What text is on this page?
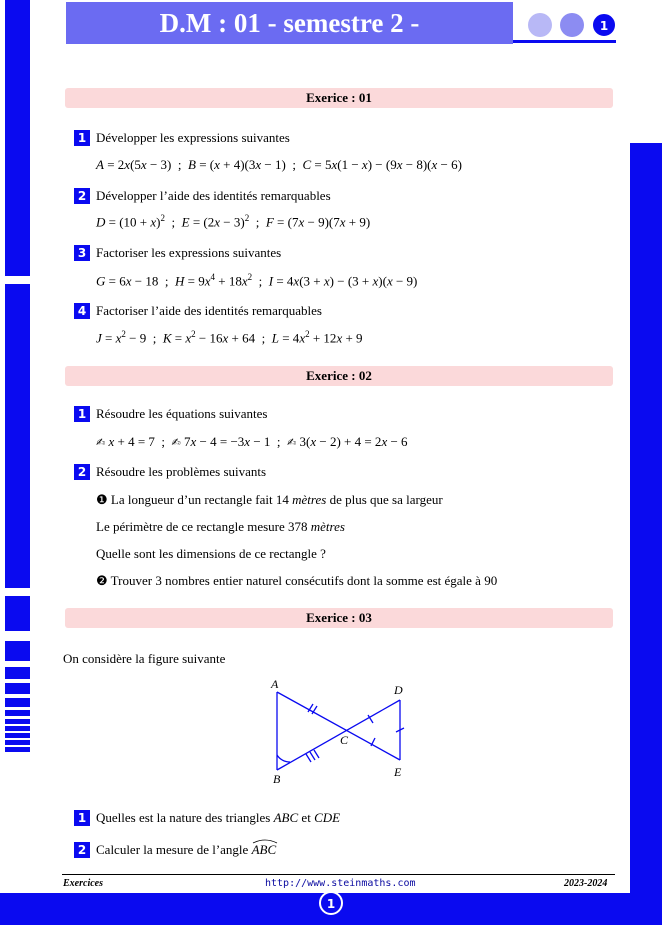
D.M : 01 - semestre 2 -	1
Exerice : 01
1 Développer les expressions suivantes
A = 2x(5x − 3)  ;  B = (x + 4)(3x − 1)  ;  C = 5x(1 − x) − (9x − 8)(x − 6)
2 Développer l’aide des identités remarquables
$D = (10 + x)^2$  ;  $E = (2x - 3)^2$  ;  F = (7x − 9)(7x + 9)
3 Factoriser les expressions suivantes
G = 6x − 18  ;  $H = 9x^4 + 18x^2$  ;  I = 4x(3 + x) − (3 + x)(x − 9)
4 Factoriser l’aide des identités remarquables
$J = x^2 - 9$  ;  $K = x^2 - 16x + 64$  ;  $L = 4x^2 + 12x + 9$
Exerice : 02
1 Résoudre les équations suivantes
✍ x + 4 = 7  ;  ✍ 7x − 4 = −3x − 1  ;  ✍ 3(x − 2) + 4 = 2x − 6
2 Résoudre les problèmes suivants
❶ La longueur d’un rectangle fait 14 mètres de plus que sa largeur
Le périmètre de ce rectangle mesure 378 mètres
Quelle sont les dimensions de ce rectangle ?
❷ Trouver 3 nombres entier naturel consécutifs dont la somme est égale à 90
Exerice : 03
On considère la figure suivante
A
B
C
D
E
1 Quelles est la nature des triangles ABC et CDE
2 Calculer la mesure de l’angle ABC
Exercices	http://www.steinmaths.com	2023-2024
1
